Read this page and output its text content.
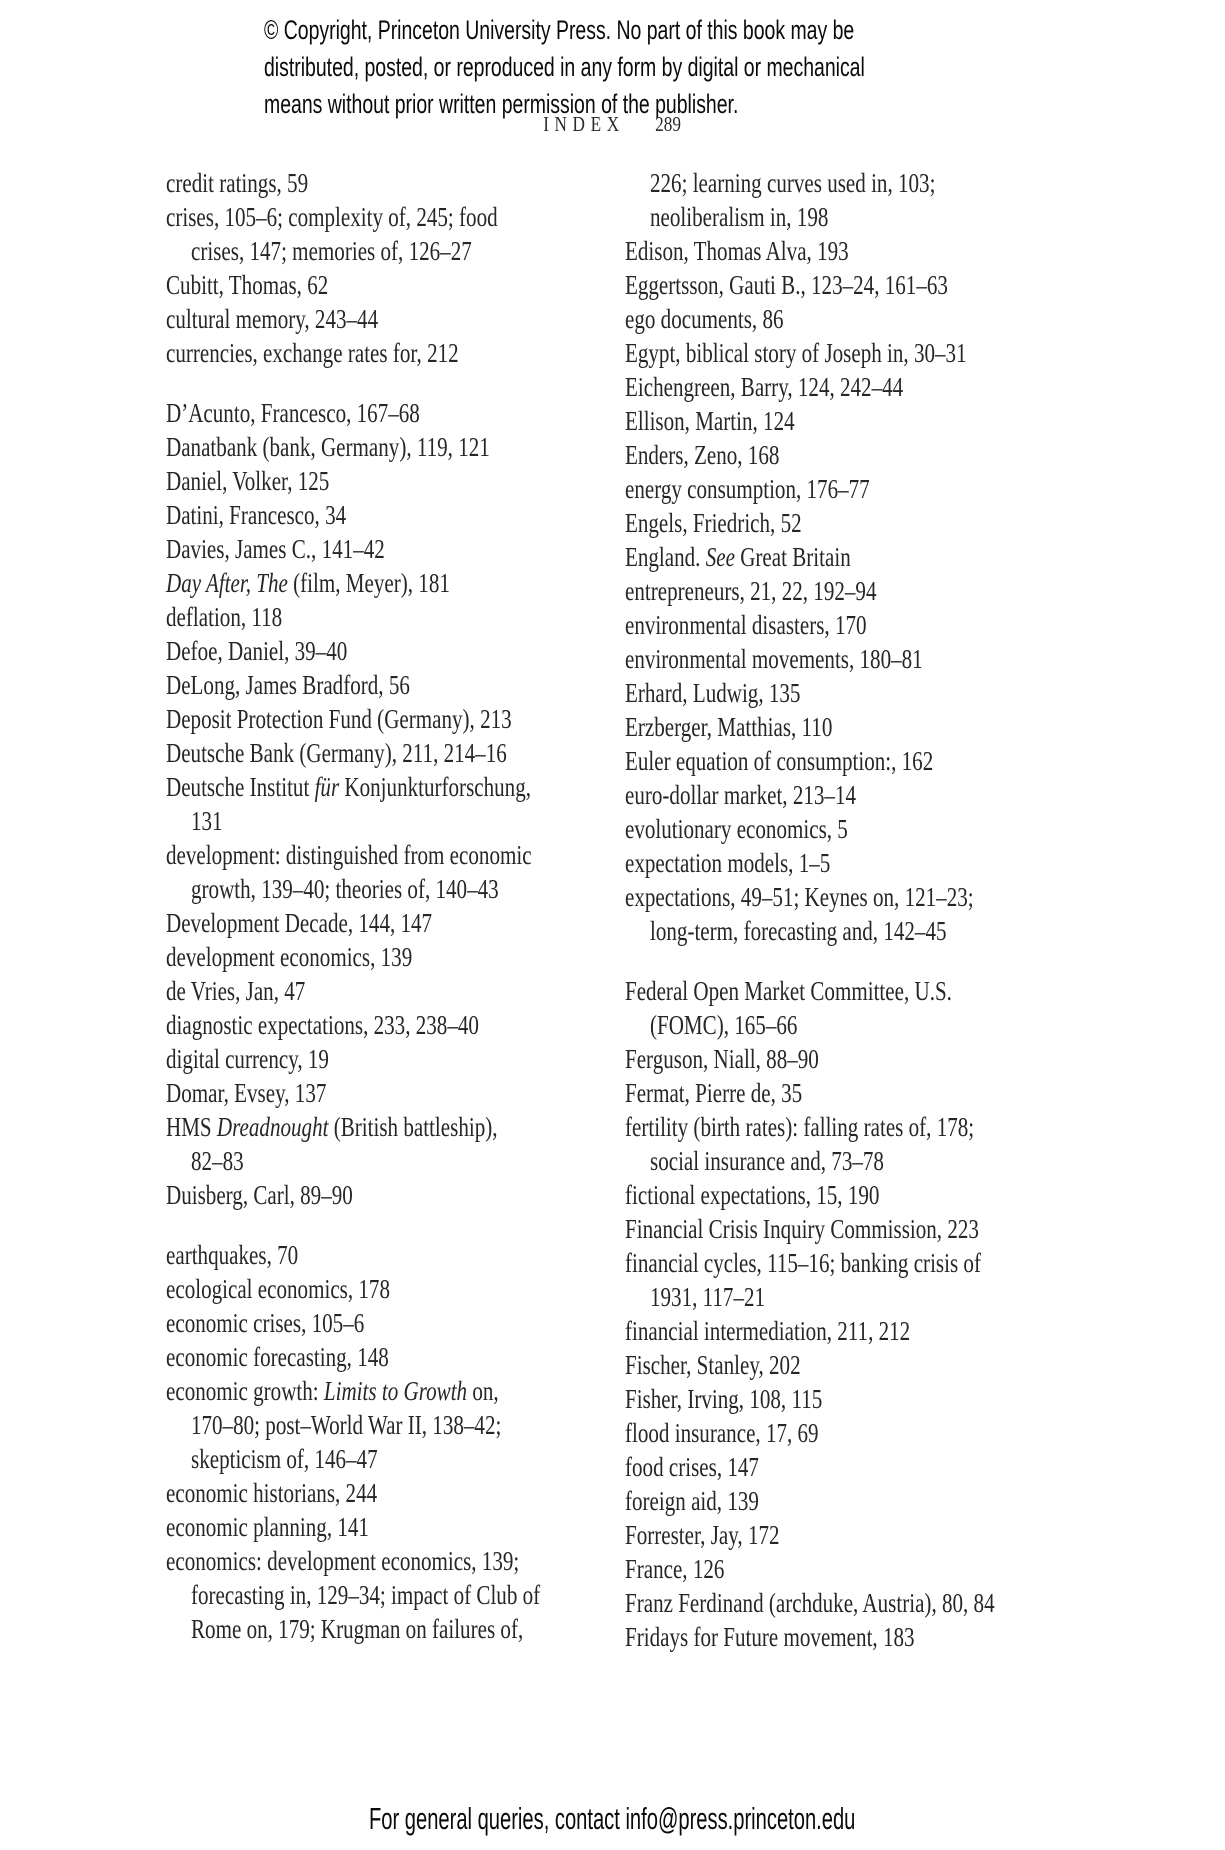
© Copyright, Princeton University Press. No part of this book may be
distributed, posted, or reproduced in any form by digital or mechanical
means without prior written permission of the publisher.
INDEX 289
credit ratings, 59
crises, 105–6; complexity of, 245; food
crises, 147; memories of, 126–27
Cubitt, Thomas, 62
cultural memory, 243–44
currencies, exchange rates for, 212
D’Acunto, Francesco, 167–68
Danatbank (bank, Germany), 119, 121
Daniel, Volker, 125
Datini, Francesco, 34
Davies, James C., 141–42
Day After, The (film, Meyer), 181
deflation, 118
Defoe, Daniel, 39–40
DeLong, James Bradford, 56
Deposit Protection Fund (Germany), 213
Deutsche Bank (Germany), 211, 214–16
Deutsche Institut für Konjunkturforschung,
131
development: distinguished from economic
growth, 139–40; theories of, 140–43
Development Decade, 144, 147
development economics, 139
de Vries, Jan, 47
diagnostic expectations, 233, 238–40
digital currency, 19
Domar, Evsey, 137
HMS Dreadnought (British battleship),
82–83
Duisberg, Carl, 89–90
earthquakes, 70
ecological economics, 178
economic crises, 105–6
economic forecasting, 148
economic growth: Limits to Growth on,
170–80; post–World War II, 138–42;
skepticism of, 146–47
economic historians, 244
economic planning, 141
economics: development economics, 139;
forecasting in, 129–34; impact of Club of
Rome on, 179; Krugman on failures of,
226; learning curves used in, 103;
neoliberalism in, 198
Edison, Thomas Alva, 193
Eggertsson, Gauti B., 123–24, 161–63
ego documents, 86
Egypt, biblical story of Joseph in, 30–31
Eichengreen, Barry, 124, 242–44
Ellison, Martin, 124
Enders, Zeno, 168
energy consumption, 176–77
Engels, Friedrich, 52
England. See Great Britain
entrepreneurs, 21, 22, 192–94
environmental disasters, 170
environmental movements, 180–81
Erhard, Ludwig, 135
Erzberger, Matthias, 110
Euler equation of consumption:, 162
euro-dollar market, 213–14
evolutionary economics, 5
expectation models, 1–5
expectations, 49–51; Keynes on, 121–23;
long-term, forecasting and, 142–45
Federal Open Market Committee, U.S.
(FOMC), 165–66
Ferguson, Niall, 88–90
Fermat, Pierre de, 35
fertility (birth rates): falling rates of, 178;
social insurance and, 73–78
fictional expectations, 15, 190
Financial Crisis Inquiry Commission, 223
financial cycles, 115–16; banking crisis of
1931, 117–21
financial intermediation, 211, 212
Fischer, Stanley, 202
Fisher, Irving, 108, 115
flood insurance, 17, 69
food crises, 147
foreign aid, 139
Forrester, Jay, 172
France, 126
Franz Ferdinand (archduke, Austria), 80, 84
Fridays for Future movement, 183
For general queries, contact info@press.princeton.edu
